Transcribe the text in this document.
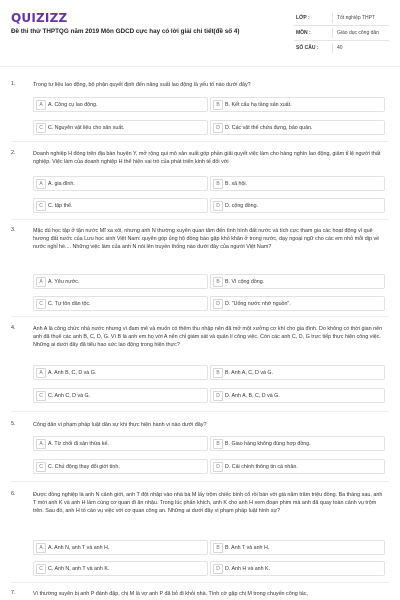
QUIZIZZ
Đề thi thử THPTQG năm 2019 Môn GDCD cực hay có lời giải chi tiết(đề số 4)
LỚP :	Tốt nghiệp THPT
MÔN :	Giáo dục công dân
SỐ CÂU :	40
1.	Trong tư liệu lao động, bộ phận quyết định đến năng suất lao động là yếu tố nào dưới đây?
A	A. Công cụ lao động.	B	B. Kết cấu hạ tầng sản xuất.
C C. Nguyên vật liệu cho sản xuất.	D D. Các vật thể chứa đựng, bảo quản.
2.	Doanh nghiệp H đóng trên địa bàn huyện Y, mở rộng qui mô sản xuất góp phần giải quyết việc làm cho hàng nghìn lao động, giảm tỉ lệ người thất nghiệp. Việc làm của doanh nghiệp H thể hiện vai trò của phát triển kinh tế đối với
A	A. gia đình.	B	B. xã hội.
C C. tập thể.	D D. cộng đồng.
3.	Mặc dù học tập ở tận nước Mĩ xa xôi, nhưng anh N thường xuyên quan tâm đến tình hình đất nước và tích cực tham gia các hoạt động vì quê hương đất nước của Lưu học sinh Việt Nam: quyên góp ủng hộ đồng bào gặp khó khăn ở trong nước, dạy ngoại ngữ cho các em nhỏ mỗi dịp về nước nghỉ hè.... Những việc làm của anh N nói lên truyền thống nào dưới đây của người Việt Nam?
A	A. Yêu nước.	B	B. Vì cộng đồng.
C C. Tự tôn dân tộc.	D D. "Uống nước nhớ nguồn".
4.	Anh A là công chức nhà nước nhưng vì đam mê và muốn có thêm thu nhập nên đã mở một xưởng cơ khí cho gia đình. Do không có thời gian nên anh đã thuê các anh B, C, D, G. Vì B là anh em họ với A nên chỉ giám sát và quản lí công việc. Còn các anh C, D, G trực tiếp thực hiện công việc. Những ai dưới đây đã tiêu hao sức lao động trong hiện thực?
A	A. Anh B, C, D và G.	B	B. Anh A, C, D và G.
C C. Anh C, D và G.	D D. Anh A, B, C, D và G.
5.	Công dân vi phạm pháp luật dân sự khi thực hiện hành vi nào dưới đây?
A	A. Từ chối đi sản thừa kế.	B	B. Giao hàng không đúng hợp đồng.
C C. Chủ động thay đổi giới tính.	D D. Cải chính thông tin cá nhân.
6.	Được đồng nghiệp là anh N cảnh giới, anh T đột nhập vào nhà bà M lấy trộm chiếc bình cổ rồi bán với giá năm trăm triệu đồng. Ba tháng sau, anh T mời anh K và anh H làm cùng cơ quan đi ăn nhậu. Trong lúc phấn khích, anh K cho anh H xem đoạn phim mà anh đã quay toàn cảnh vụ trộm trên. Sau đó, anh H tố cáo vụ việc với cơ quan công an. Những ai dưới đây vi phạm pháp luật hình sự?
A	A. Anh N, anh T và anh H.	B	B. Anh T và anh H.
C C. Anh N, anh T và anh K.	D D. Anh H và anh K.
7.	Vì thường xuyên bị anh P đánh đập, chị M là vợ anh P đã bỏ đi khỏi nhà. Tình cờ gặp chị M trong chuyến công tác,
